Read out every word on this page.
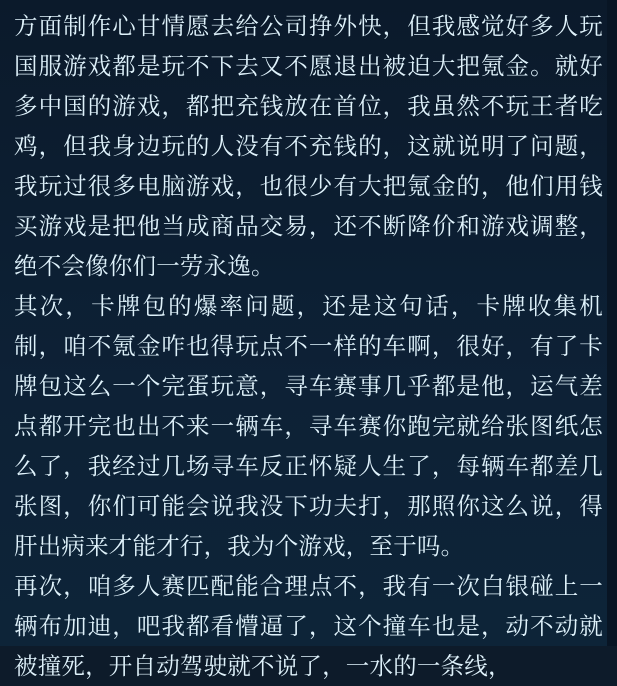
方面制作心甘情愿去给公司挣外快，但我感觉好多人玩国服游戏都是玩不下去又不愿退出被迫大把氪金。就好多中国的游戏，都把充钱放在首位，我虽然不玩王者吃鸡，但我身边玩的人没有不充钱的，这就说明了问题，我玩过很多电脑游戏，也很少有大把氪金的，他们用钱买游戏是把他当成商品交易，还不断降价和游戏调整，绝不会像你们一劳永逸。

其次，卡牌包的爆率问题，还是这句话，卡牌收集机制，咱不氪金咋也得玩点不一样的车啊，很好，有了卡牌包这么一个完蛋玩意，寻车赛事几乎都是他，运气差点都开完也出不来一辆车，寻车赛你跑完就给张图纸怎么了，我经过几场寻车反正怀疑人生了，每辆车都差几张图，你们可能会说我没下功夫打，那照你这么说，得肝出病来才能才行，我为个游戏，至于吗。

再次，咱多人赛匹配能合理点不，我有一次白银碰上一辆布加迪，吧我都看懵逼了，这个撞车也是，动不动就被撞死，开自动驾驶就不说了，一水的一条线，
